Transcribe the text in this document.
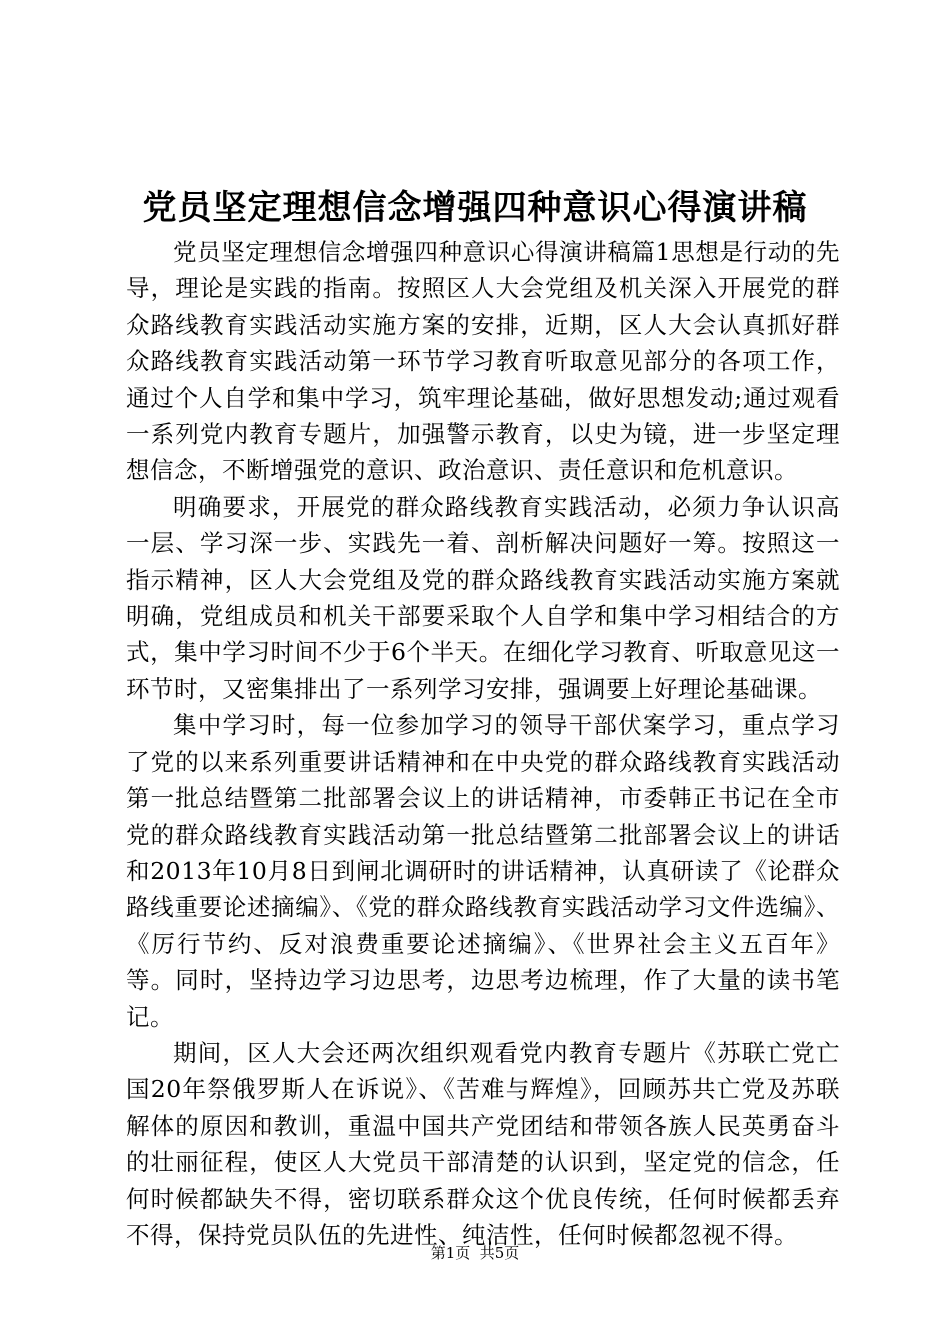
党员坚定理想信念增强四种意识心得演讲稿

党员坚定理想信念增强四种意识心得演讲稿篇1思想是行动的先导，理论是实践的指南。按照区人大会党组及机关深入开展党的群众路线教育实践活动实施方案的安排，近期，区人大会认真抓好群众路线教育实践活动第一环节学习教育听取意见部分的各项工作，通过个人自学和集中学习，筑牢理论基础，做好思想发动;通过观看一系列党内教育专题片，加强警示教育，以史为镜，进一步坚定理想信念，不断增强党的意识、政治意识、责任意识和危机意识。

明确要求，开展党的群众路线教育实践活动，必须力争认识高一层、学习深一步、实践先一着、剖析解决问题好一筹。按照这一指示精神，区人大会党组及党的群众路线教育实践活动实施方案就明确，党组成员和机关干部要采取个人自学和集中学习相结合的方式，集中学习时间不少于6个半天。在细化学习教育、听取意见这一环节时，又密集排出了一系列学习安排，强调要上好理论基础课。

集中学习时，每一位参加学习的领导干部伏案学习，重点学习了党的以来系列重要讲话精神和在中央党的群众路线教育实践活动第一批总结暨第二批部署会议上的讲话精神，市委韩正书记在全市党的群众路线教育实践活动第一批总结暨第二批部署会议上的讲话和2013年10月8日到闸北调研时的讲话精神，认真研读了《论群众路线重要论述摘编》、《党的群众路线教育实践活动学习文件选编》、《厉行节约、反对浪费重要论述摘编》、《世界社会主义五百年》等。同时，坚持边学习边思考，边思考边梳理，作了大量的读书笔记。

期间，区人大会还两次组织观看党内教育专题片《苏联亡党亡国20年祭俄罗斯人在诉说》、《苦难与辉煌》，回顾苏共亡党及苏联解体的原因和教训，重温中国共产党团结和带领各族人民英勇奋斗的壮丽征程，使区人大党员干部清楚的认识到，坚定党的信念，任何时候都缺失不得，密切联系群众这个优良传统，任何时候都丢弃不得，保持党员队伍的先进性、纯洁性，任何时候都忽视不得。

第1页  共5页
